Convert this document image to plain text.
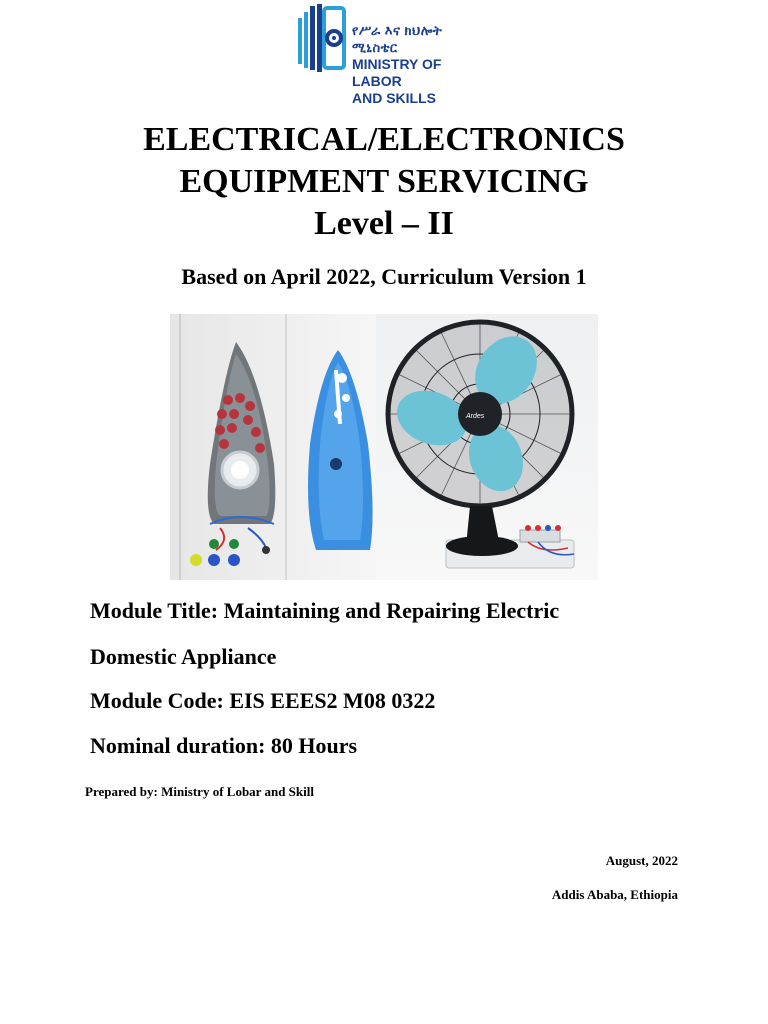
የሥራ እና ክህሎት ሚኒስቴር
MINISTRY OF LABOR
AND SKILLS
ELECTRICAL/ELECTRONICS
EQUIPMENT SERVICING
Level – II
Based on April 2022, Curriculum Version 1
Ardes
Module Title: Maintaining and Repairing Electric
Domestic Appliance
Module Code: EIS EEES2 M08 0322
Nominal duration: 80 Hours
Prepared by: Ministry of Lobar and Skill
August, 2022
Addis Ababa, Ethiopia
